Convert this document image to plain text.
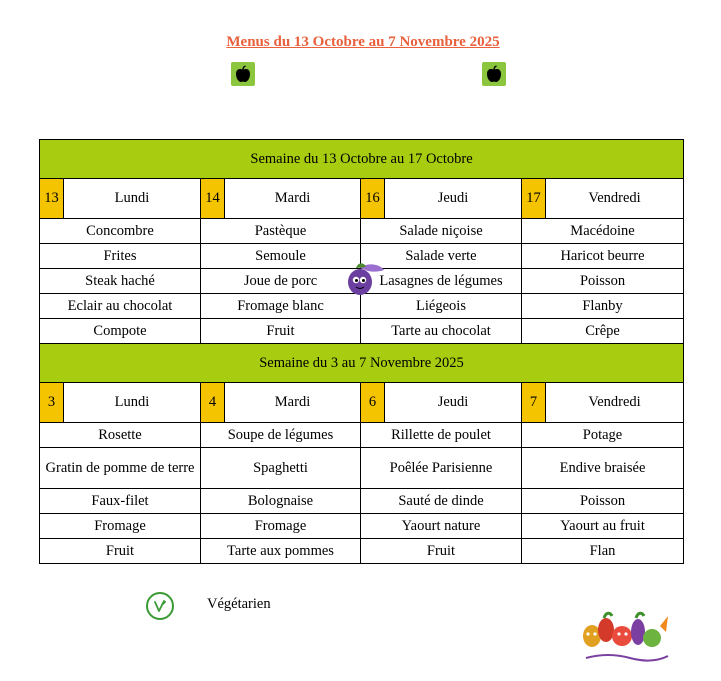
Menus du 13 Octobre au 7 Novembre 2025
Semaine du 13 Octobre au 17 Octobre							
13	Lundi	14	Mardi	16	Jeudi	17	Vendredi
Concombre		Pastèque		Salade niçoise		Macédoine	
Frites		Semoule		Salade verte		Haricot beurre	
Steak haché		Joue de porc		Lasagnes de légumes		Poisson	
Eclair au chocolat		Fromage blanc		Liégeois		Flanby	
Compote		Fruit		Tarte au chocolat		Crêpe	
Semaine du 3 au 7 Novembre 2025							
3	Lundi	4	Mardi	6	Jeudi	7	Vendredi
Rosette		Soupe de légumes		Rillette de poulet		Potage	
Gratin de pomme de terre		Spaghetti		Poêlée Parisienne		Endive braisée	
Faux-filet		Bolognaise		Sauté de dinde		Poisson	
Fromage		Fromage		Yaourt nature		Yaourt au fruit	
Fruit		Tarte aux pommes		Fruit		Flan	
Végétarien
